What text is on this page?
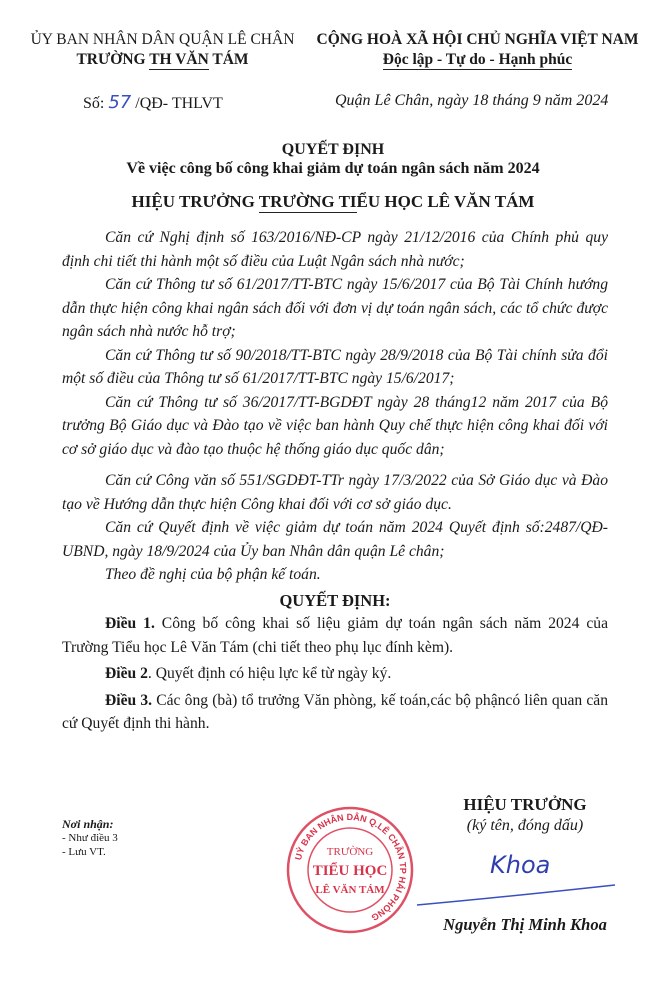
ỦY BAN NHÂN DÂN QUẬN LÊ CHÂN
TRƯỜNG TH VĂN TÁM
CỘNG HOÀ XÃ HỘI CHỦ NGHĨA VIỆT NAM
Độc lập - Tự do - Hạnh phúc
Số: 57 /QĐ- THLVT	Quận Lê Chân, ngày 18 tháng 9 năm 2024
QUYẾT ĐỊNH
Về việc công bố công khai giảm dự toán ngân sách năm 2024
HIỆU TRƯỞNG TRƯỜNG TIỂU HỌC LÊ VĂN TÁM

Căn cứ Nghị định số 163/2016/NĐ-CP ngày 21/12/2016 của Chính phủ quy định chi tiết thi hành một số điều của Luật Ngân sách nhà nước;

Căn cứ Thông tư số 61/2017/TT-BTC ngày 15/6/2017 của Bộ Tài Chính hướng dẫn thực hiện công khai ngân sách đối với đơn vị dự toán ngân sách, các tổ chức được ngân sách nhà nước hỗ trợ;

Căn cứ Thông tư số 90/2018/TT-BTC ngày 28/9/2018 của Bộ Tài chính sửa đổi một số điều của Thông tư số 61/2017/TT-BTC ngày 15/6/2017;

Căn cứ Thông tư số 36/2017/TT-BGDĐT ngày 28 tháng12 năm 2017 của Bộ trưởng Bộ Giáo dục và Đào tạo về việc ban hành Quy chế thực hiện công khai đối với cơ sở giáo dục và đào tạo thuộc hệ thống giáo dục quốc dân;

Căn cứ Công văn số 551/SGDĐT-TTr ngày 17/3/2022 của Sở Giáo dục và Đào tạo về Hướng dẫn thực hiện Công khai đối với cơ sở giáo dục.

Căn cứ Quyết định về việc giảm dự toán năm 2024 Quyết định số:2487/QĐ-UBND, ngày 18/9/2024 của Ủy ban Nhân dân quận Lê chân;

Theo đề nghị của bộ phận kế toán.

QUYẾT ĐỊNH:

Điều 1. Công bố công khai số liệu giảm dự toán ngân sách năm 2024 của Trường Tiểu học Lê Văn Tám (chi tiết theo phụ lục đính kèm).

Điều 2. Quyết định có hiệu lực kể từ ngày ký.

Điều 3. Các ông (bà) tổ trưởng Văn phòng, kế toán,các bộ phậncó liên quan căn cứ Quyết định thi hành.

Nơi nhận:
- Như điều 3
- Lưu VT.	UỶ BAN NHÂN DÂN Q.LÊ CHÂN TP HẢI PHÒNG
TRƯỜNG
TIỂU HỌC
LÊ VĂN TÁM
HIỆU TRƯỞNG
(ký tên, đóng dấu)
Khoa
Nguyễn Thị Minh Khoa
